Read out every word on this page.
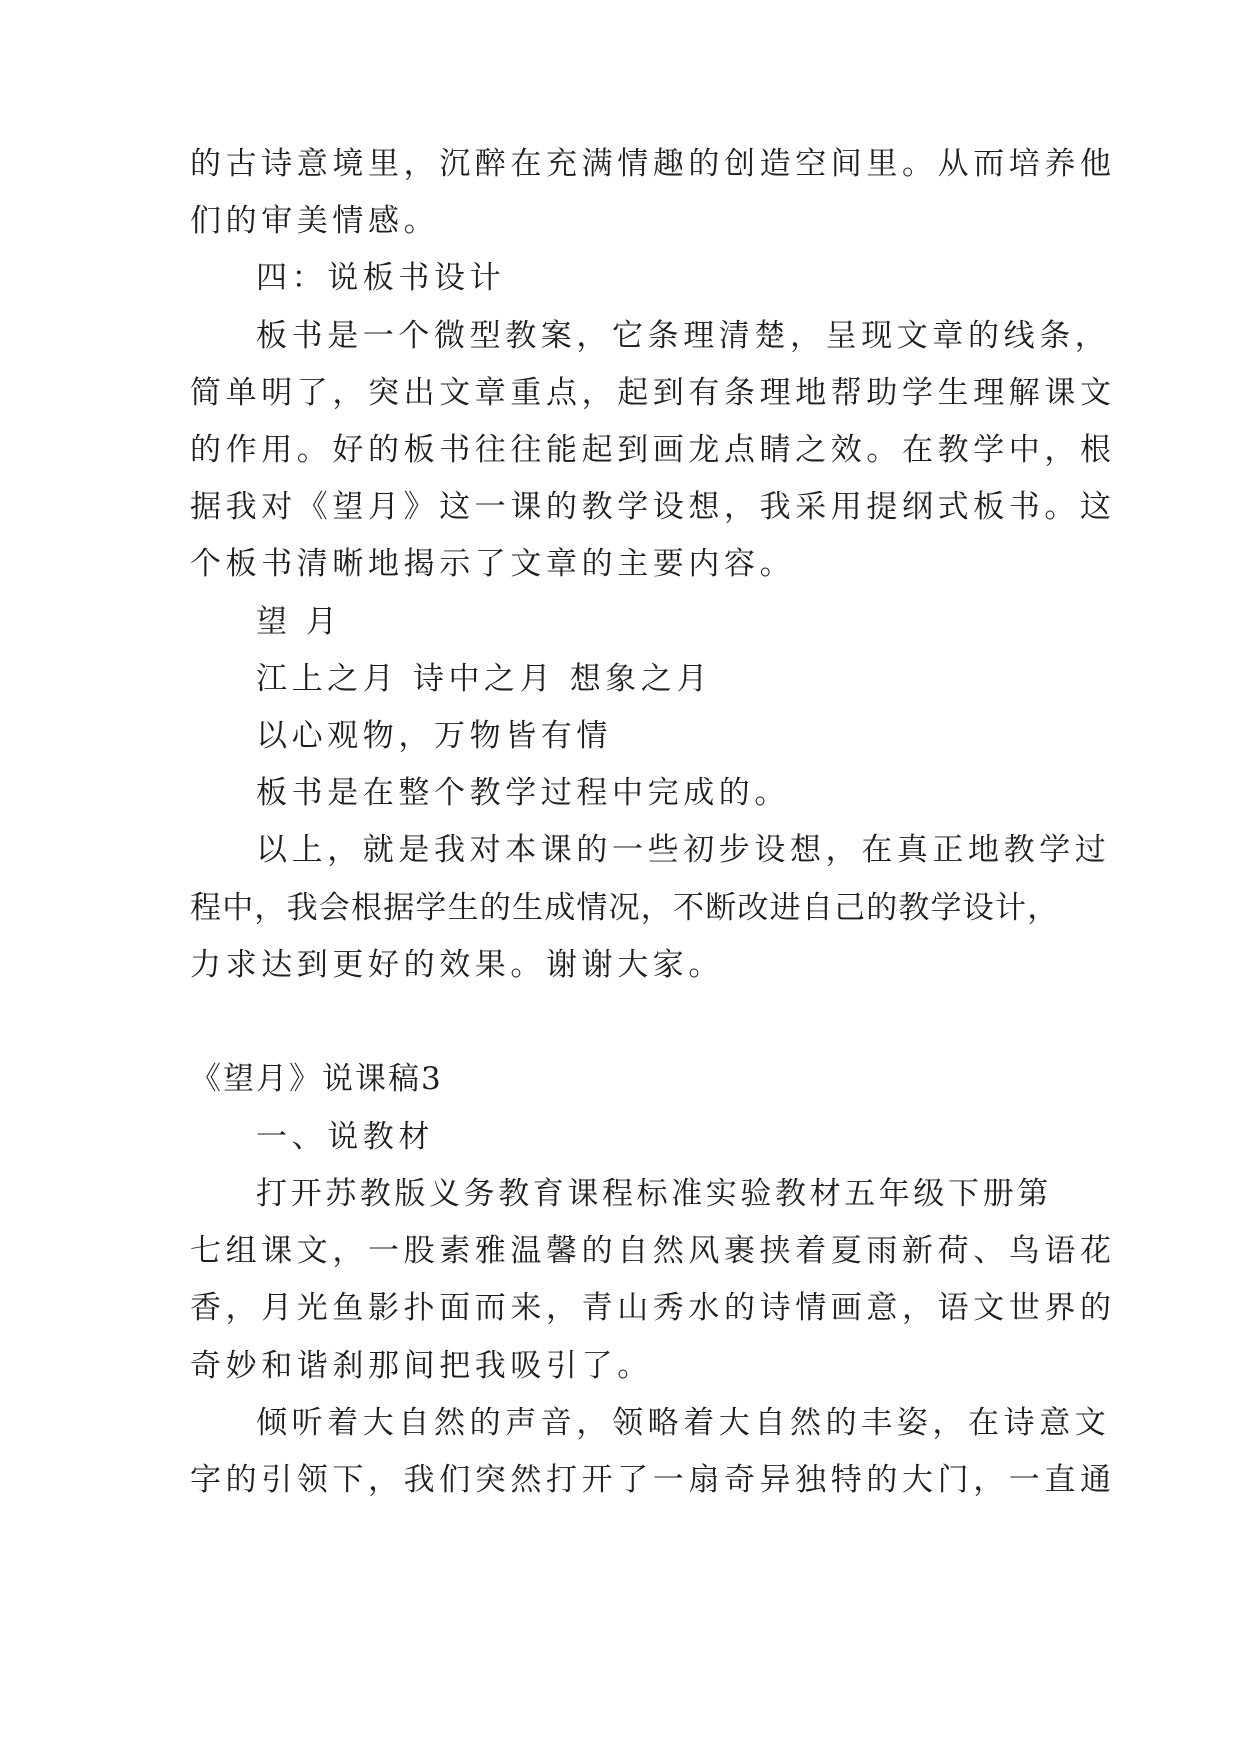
的古诗意境里，沉醉在充满情趣的创造空间里。从而培养他
们的审美情感。
四：说板书设计
板书是一个微型教案，它条理清楚，呈现文章的线条，
简单明了，突出文章重点，起到有条理地帮助学生理解课文
的作用。好的板书往往能起到画龙点睛之效。在教学中，根
据我对《望月》这一课的教学设想，我采用提纲式板书。这
个板书清晰地揭示了文章的主要内容。
望 月
江上之月 诗中之月 想象之月
以心观物，万物皆有情
板书是在整个教学过程中完成的。
以上，就是我对本课的一些初步设想，在真正地教学过
程中，我会根据学生的生成情况，不断改进自己的教学设计，
力求达到更好的效果。谢谢大家。
《望月》说课稿3
一、说教材
打开苏教版义务教育课程标准实验教材五年级下册第
七组课文，一股素雅温馨的自然风裹挟着夏雨新荷、鸟语花
香，月光鱼影扑面而来，青山秀水的诗情画意，语文世界的
奇妙和谐刹那间把我吸引了。
倾听着大自然的声音，领略着大自然的丰姿，在诗意文
字的引领下，我们突然打开了一扇奇异独特的大门，一直通
